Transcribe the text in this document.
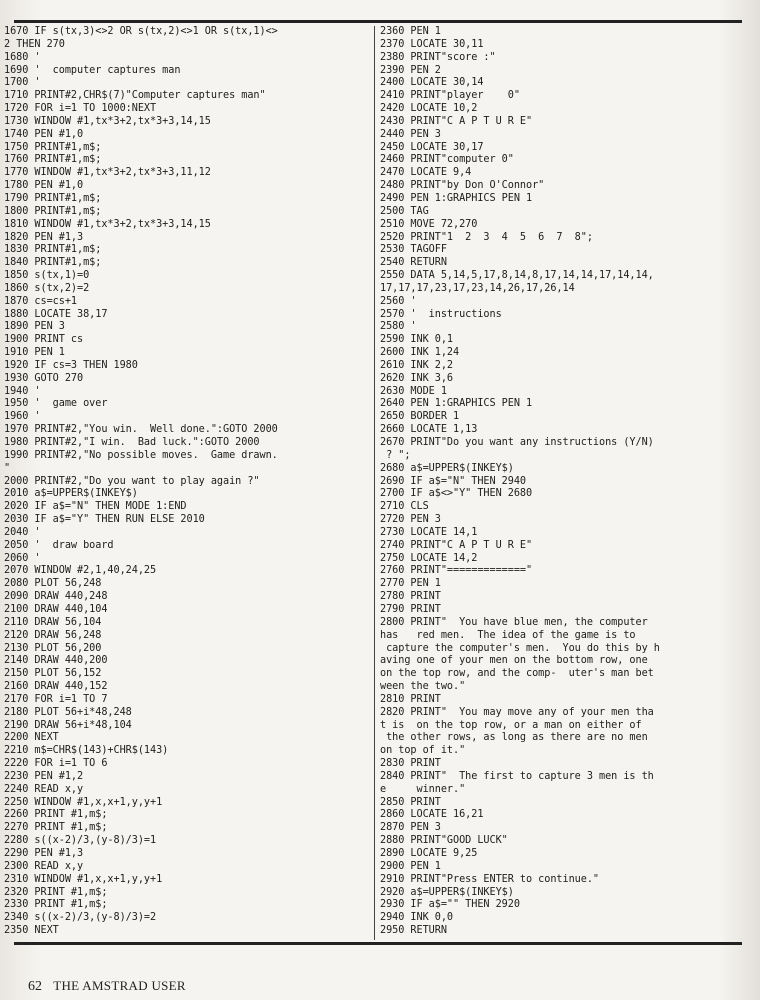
1670 IF s(tx,3)<>2 OR s(tx,2)<>1 OR s(tx,1)<>
2 THEN 270
1680 '
1690 '  computer captures man
1700 '
1710 PRINT#2,CHR$(7)"Computer captures man"
1720 FOR i=1 TO 1000:NEXT
1730 WINDOW #1,tx*3+2,tx*3+3,14,15
1740 PEN #1,0
1750 PRINT#1,m$;
1760 PRINT#1,m$;
1770 WINDOW #1,tx*3+2,tx*3+3,11,12
1780 PEN #1,0
1790 PRINT#1,m$;
1800 PRINT#1,m$;
1810 WINDOW #1,tx*3+2,tx*3+3,14,15
1820 PEN #1,3
1830 PRINT#1,m$;
1840 PRINT#1,m$;
1850 s(tx,1)=0
1860 s(tx,2)=2
1870 cs=cs+1
1880 LOCATE 38,17
1890 PEN 3
1900 PRINT cs
1910 PEN 1
1920 IF cs=3 THEN 1980
1930 GOTO 270
1940 '
1950 '  game over
1960 '
1970 PRINT#2,"You win.  Well done.":GOTO 2000
1980 PRINT#2,"I win.  Bad luck.":GOTO 2000
1990 PRINT#2,"No possible moves.  Game drawn.
"
2000 PRINT#2,"Do you want to play again ?"
2010 a$=UPPER$(INKEY$)
2020 IF a$="N" THEN MODE 1:END
2030 IF a$="Y" THEN RUN ELSE 2010
2040 '
2050 '  draw board
2060 '
2070 WINDOW #2,1,40,24,25
2080 PLOT 56,248
2090 DRAW 440,248
2100 DRAW 440,104
2110 DRAW 56,104
2120 DRAW 56,248
2130 PLOT 56,200
2140 DRAW 440,200
2150 PLOT 56,152
2160 DRAW 440,152
2170 FOR i=1 TO 7
2180 PLOT 56+i*48,248
2190 DRAW 56+i*48,104
2200 NEXT
2210 m$=CHR$(143)+CHR$(143)
2220 FOR i=1 TO 6
2230 PEN #1,2
2240 READ x,y
2250 WINDOW #1,x,x+1,y,y+1
2260 PRINT #1,m$;
2270 PRINT #1,m$;
2280 s((x-2)/3,(y-8)/3)=1
2290 PEN #1,3
2300 READ x,y
2310 WINDOW #1,x,x+1,y,y+1
2320 PRINT #1,m$;
2330 PRINT #1,m$;
2340 s((x-2)/3,(y-8)/3)=2
2350 NEXT
2360 PEN 1
2370 LOCATE 30,11
2380 PRINT"score :"
2390 PEN 2
2400 LOCATE 30,14
2410 PRINT"player    0"
2420 LOCATE 10,2
2430 PRINT"C A P T U R E"
2440 PEN 3
2450 LOCATE 30,17
2460 PRINT"computer 0"
2470 LOCATE 9,4
2480 PRINT"by Don O'Connor"
2490 PEN 1:GRAPHICS PEN 1
2500 TAG
2510 MOVE 72,270
2520 PRINT"1  2  3  4  5  6  7  8";
2530 TAGOFF
2540 RETURN
2550 DATA 5,14,5,17,8,14,8,17,14,14,17,14,14,
17,17,17,23,17,23,14,26,17,26,14
2560 '
2570 '  instructions
2580 '
2590 INK 0,1
2600 INK 1,24
2610 INK 2,2
2620 INK 3,6
2630 MODE 1
2640 PEN 1:GRAPHICS PEN 1
2650 BORDER 1
2660 LOCATE 1,13
2670 PRINT"Do you want any instructions (Y/N)
? ";
2680 a$=UPPER$(INKEY$)
2690 IF a$="N" THEN 2940
2700 IF a$<>"Y" THEN 2680
2710 CLS
2720 PEN 3
2730 LOCATE 14,1
2740 PRINT"C A P T U R E"
2750 LOCATE 14,2
2760 PRINT"============="
2770 PEN 1
2780 PRINT
2790 PRINT
2800 PRINT"  You have blue men, the computer
has   red men.  The idea of the game is to
capture the computer's men.  You do this by h
aving one of your men on the bottom row, one
on the top row, and the comp-  uter's man bet
ween the two."
2810 PRINT
2820 PRINT"  You may move any of your men tha
t is  on the top row, or a man on either of
the other rows, as long as there are no men
on top of it."
2830 PRINT
2840 PRINT"  The first to capture 3 men is th
e     winner."
2850 PRINT
2860 LOCATE 16,21
2870 PEN 3
2880 PRINT"GOOD LUCK"
2890 LOCATE 9,25
2900 PEN 1
2910 PRINT"Press ENTER to continue."
2920 a$=UPPER$(INKEY$)
2930 IF a$="" THEN 2920
2940 INK 0,0
2950 RETURN
62 THE AMSTRAD USER
